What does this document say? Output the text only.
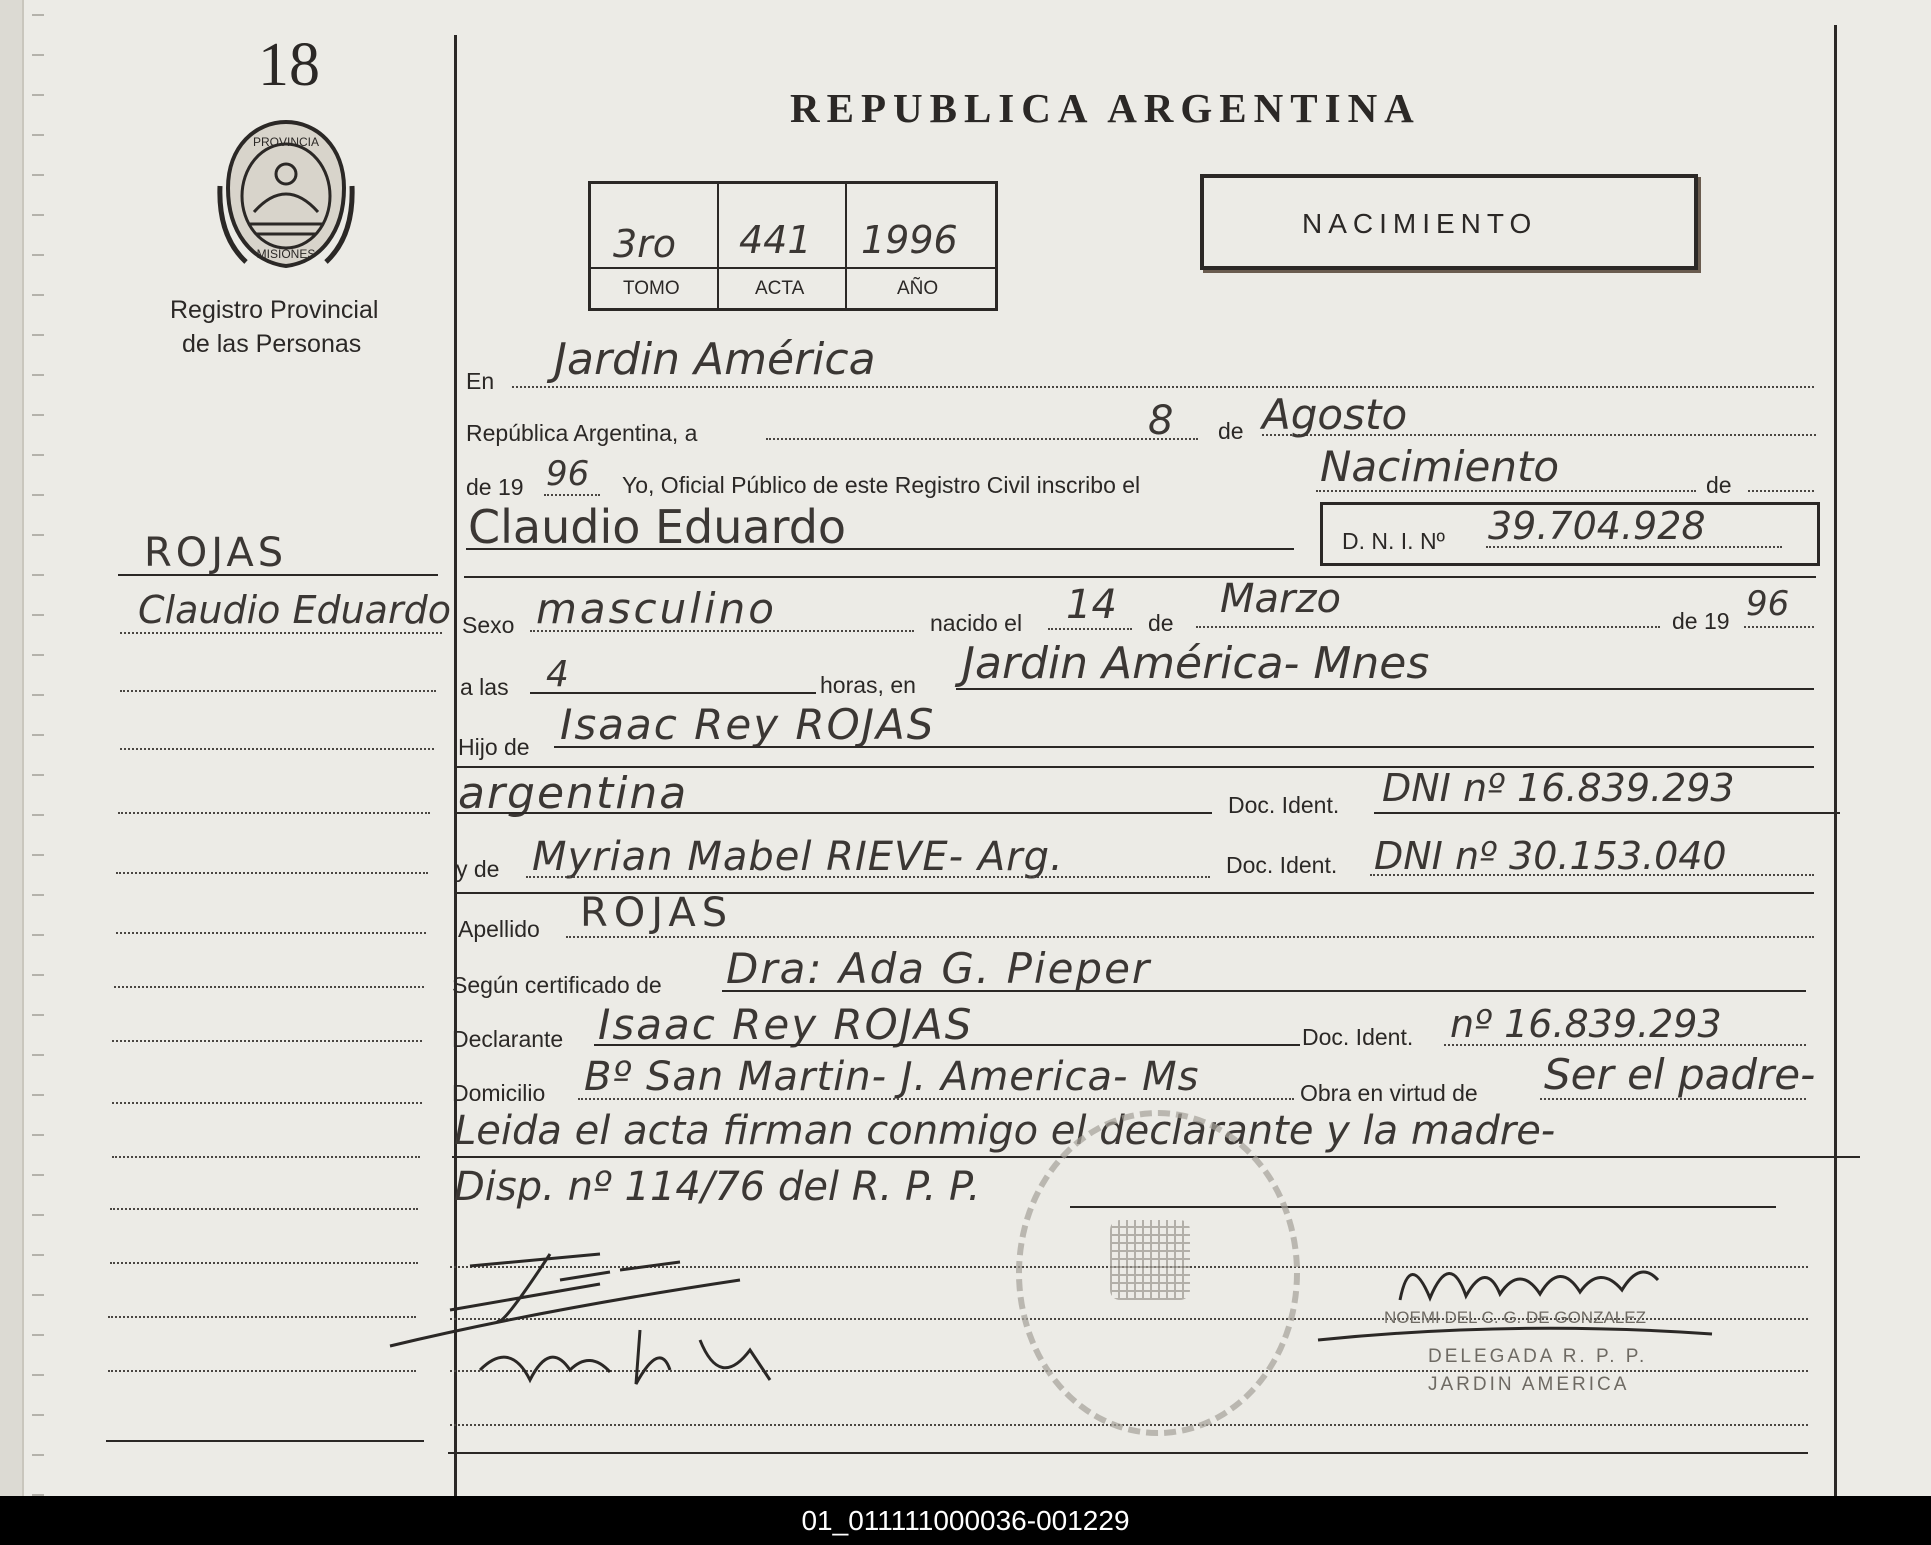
18
PROVINCIA
MISIONES
Registro Provincial
de las Personas
ROJAS
Claudio Eduardo
REPUBLICA ARGENTINA
NACIMIENTO
3ro 441 1996
TOMO	ACTA	AÑO
En Jardin América
República Argentina, a	8 de Agosto
de 19 96 Yo, Oficial Público de este Registro Civil inscribo el	Nacimiento	de
Claudio Eduardo	D. N. I. Nº 39.704.928
Sexo masculino	nacido el 14 de
Marzo	de 19 96
a las 4	horas, en Jardin América- Mnes
Hijo de Isaac Rey ROJAS
argentina	Doc. Ident. DNI nº 16.839.293
y de Myrian Mabel RIEVE- Arg.	Doc. Ident. DNI nº 30.153.040
Apellido ROJAS
Según certificado de Dra: Ada G. Pieper
Declarante Isaac Rey ROJAS	Doc. Ident. nº 16.839.293
Domicilio Bº San Martin- J. America- Ms	Obra en virtud de Ser el padre-
Leida el acta firman conmigo el declarante y la madre-
Disp. nº 114/76 del R. P. P.
NOEMI DEL C. G. DE GONZALEZ
DELEGADA R. P. P.
JARDIN AMERICA
01_011111000036-001229
